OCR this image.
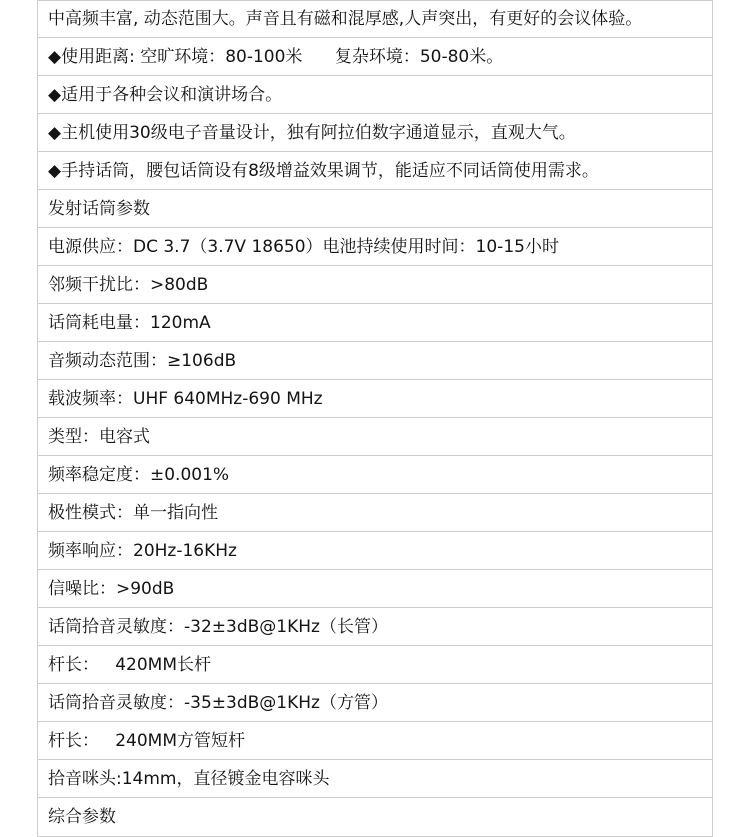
中高频丰富, 动态范围大。声音且有磁和混厚感,人声突出，有更好的会议体验。
◆使用距离: 空旷环境：80-100米      复杂环境：50-80米。
◆适用于各种会议和演讲场合。
◆主机使用30级电子音量设计，独有阿拉伯数字通道显示，直观大气。
◆手持话筒，腰包话筒设有8级增益效果调节，能适应不同话筒使用需求。
发射话筒参数
电源供应：DC 3.7（3.7V 18650）电池持续使用时间：10-15小时
邻频干扰比：>80dB
话筒耗电量：120mA
音频动态范围：≥106dB
载波频率：UHF 640MHz-690 MHz
类型：电容式
频率稳定度：±0.001%
极性模式：单一指向性
频率响应：20Hz-16KHz
信噪比：>90dB
话筒拾音灵敏度：-32±3dB@1KHz（长管）
杆长：   420MM长杆
话筒拾音灵敏度：-35±3dB@1KHz（方管）
杆长：   240MM方管短杆
拾音咪头:14mm，直径镀金电容咪头
综合参数
